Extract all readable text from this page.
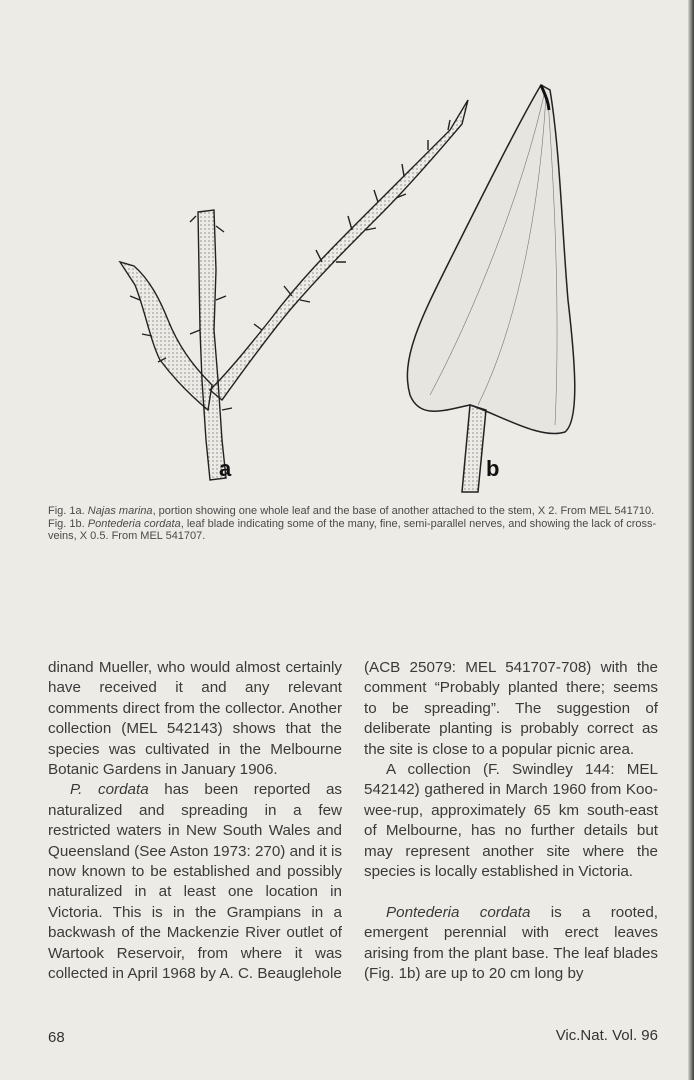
a	b

Fig. 1a. Najas marina, portion showing one whole leaf and the base of another attached to the stem, X 2. From MEL 541710.

Fig. 1b. Pontederia cordata, leaf blade indicating some of the many, fine, semi-parallel nerves, and showing the lack of cross-veins, X 0.5. From MEL 541707.

dinand Mueller, who would almost certainly have received it and any relevant comments direct from the collector. Another collection (MEL 542143) shows that the species was cultivated in the Melbourne Botanic Gardens in January 1906.

P. cordata has been reported as naturalized and spreading in a few restricted waters in New South Wales and Queensland (See Aston 1973: 270) and it is now known to be established and possibly naturalized in at least one location in Victoria. This is in the Grampians in a backwash of the Mackenzie River outlet of Wartook Reservoir, from where it was collected in April 1968 by A. C. Beauglehole

(ACB 25079: MEL 541707-708) with the comment “Probably planted there; seems to be spreading”. The suggestion of deliberate planting is probably correct as the site is close to a popular picnic area.

A collection (F. Swindley 144: MEL 542142) gathered in March 1960 from Koo-wee-rup, approximately 65 km south-east of Melbourne, has no further details but may represent another site where the species is locally established in Victoria.

Pontederia cordata is a rooted, emergent perennial with erect leaves arising from the plant base. The leaf blades (Fig. 1b) are up to 20 cm long by

68	Vic.Nat. Vol. 96
